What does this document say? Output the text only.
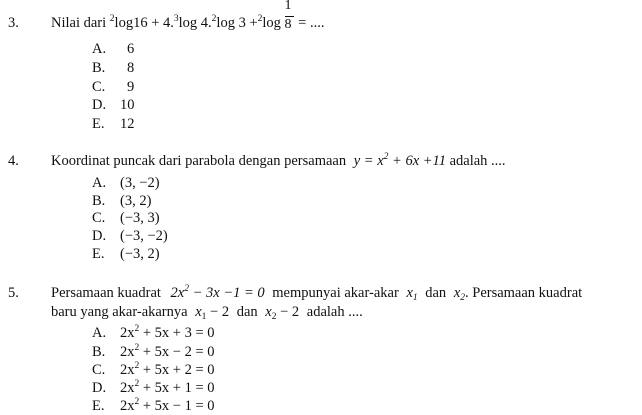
3. Nilai dari $^2$log16 + 4.$^3$log 4.$^2$log $3 +^2\log \frac{1}{8}$ = ....
A. 6
B. 8
C. 9
D. 10
E. 12
4. Koordinat puncak dari parabola dengan persamaan $y = x^2 + 6x +11$ adalah ....
A. (3, −2)
B. (3, 2)
C. (−3, 3)
D. (−3, −2)
E. (−3, 2)
5. Persamaan kuadrat $2x^2 - 3x -1 = 0$ mempunyai akar-akar $x_1$ dan $x_2$. Persamaan kuadrat
baru yang akar-akarnya $x_1 - 2$ dan $x_2 - 2$ adalah ....
A. $2x^2 + 5x + 3 = 0$
B. $2x^2 + 5x - 2 = 0$
C. $2x^2 + 5x + 2 = 0$
D. $2x^2 + 5x + 1 = 0$
E. $2x^2 + 5x - 1 = 0$
